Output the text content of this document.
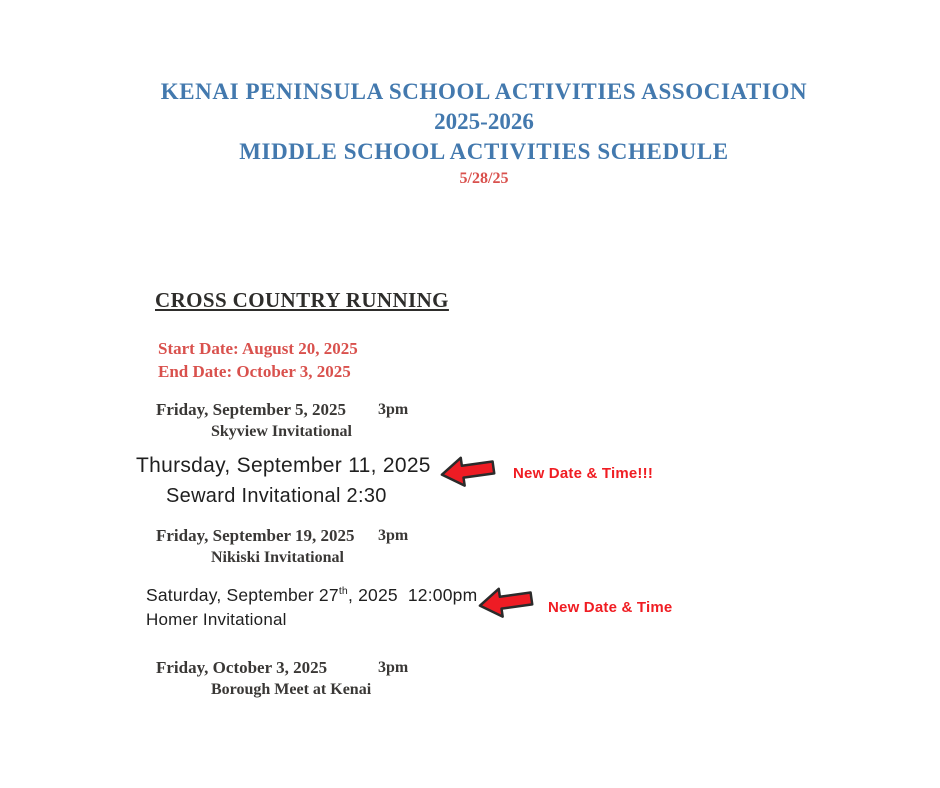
KENAI PENINSULA SCHOOL ACTIVITIES ASSOCIATION
2025-2026
MIDDLE SCHOOL ACTIVITIES SCHEDULE
5/28/25
CROSS COUNTRY RUNNING
Start Date: August 20, 2025
End Date: October 3, 2025
Friday, September 5, 2025	3pm
Skyview Invitational
Thursday, September 11, 2025
Seward Invitational 2:30
New Date & Time!!!
Friday, September 19, 2025	3pm
Nikiski Invitational
Saturday, September 27th, 2025 12:00pm
Homer Invitational
New Date & Time
Friday, October 3, 2025	3pm
Borough Meet at Kenai
